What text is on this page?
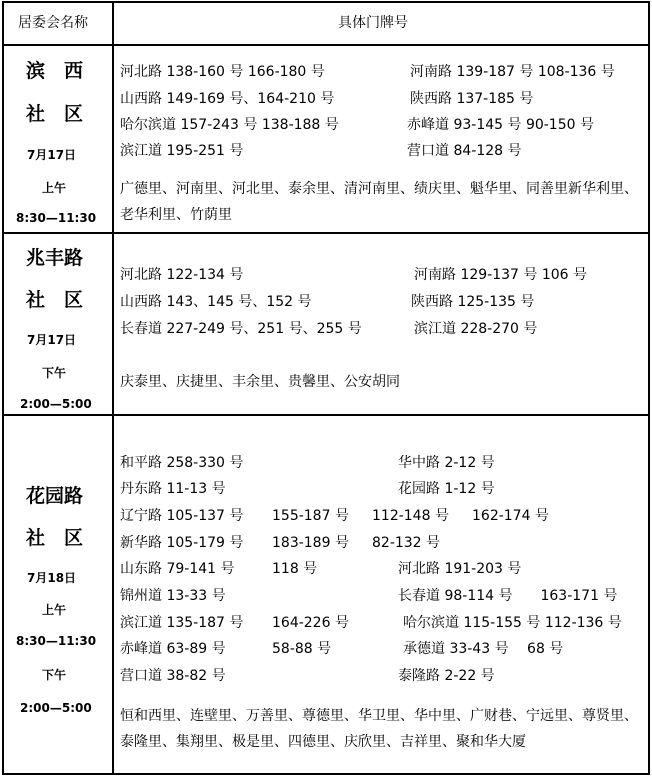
居委会名称	具体门牌号
滨　西
社　区
7月17日
上午
8:30—11:30
河北路 138-160 号 166-180 号	河南路 139-187 号 108-136 号
山西路 149-169 号、164-210 号	陕西路 137-185 号
哈尔滨道 157-243 号 138-188 号	赤峰道 93-145 号 90-150 号
滨江道 195-251 号	营口道 84-128 号
广德里、河南里、河北里、泰余里、清河南里、绩庆里、魁华里、同善里新华利里、老华利里、竹荫里
兆丰路
社　区
7月17日
下午
2:00—5:00
河北路 122-134 号	河南路 129-137 号 106 号
山西路 143、145 号、152 号	陕西路 125-135 号
长春道 227-249 号、251 号、255 号	滨江道 228-270 号
庆泰里、庆捷里、丰余里、贵馨里、公安胡同
花园路
社　区
7月18日
上午
8:30—11:30
下午
2:00—5:00
和平路 258-330 号	华中路 2-12 号
丹东路 11-13 号	花园路 1-12 号
辽宁路 105-137 号 155-187 号 112-148 号 162-174 号
新华路 105-179 号 183-189 号 82-132 号
山东路 79-141 号	118 号	河北路 191-203 号
锦州道 13-33 号	长春道 98-114 号　　163-171 号
滨江道 135-187 号 164-226 号	哈尔滨道 115-155 号 112-136 号
赤峰道 63-89 号	58-88 号	承德道 33-43 号　 68 号
营口道 38-82 号	泰隆路 2-22 号
恒和西里、连壁里、万善里、尊德里、华卫里、华中里、广财巷、宁远里、尊贤里、泰隆里、集翔里、极是里、四德里、庆欣里、吉祥里、聚和华大厦
